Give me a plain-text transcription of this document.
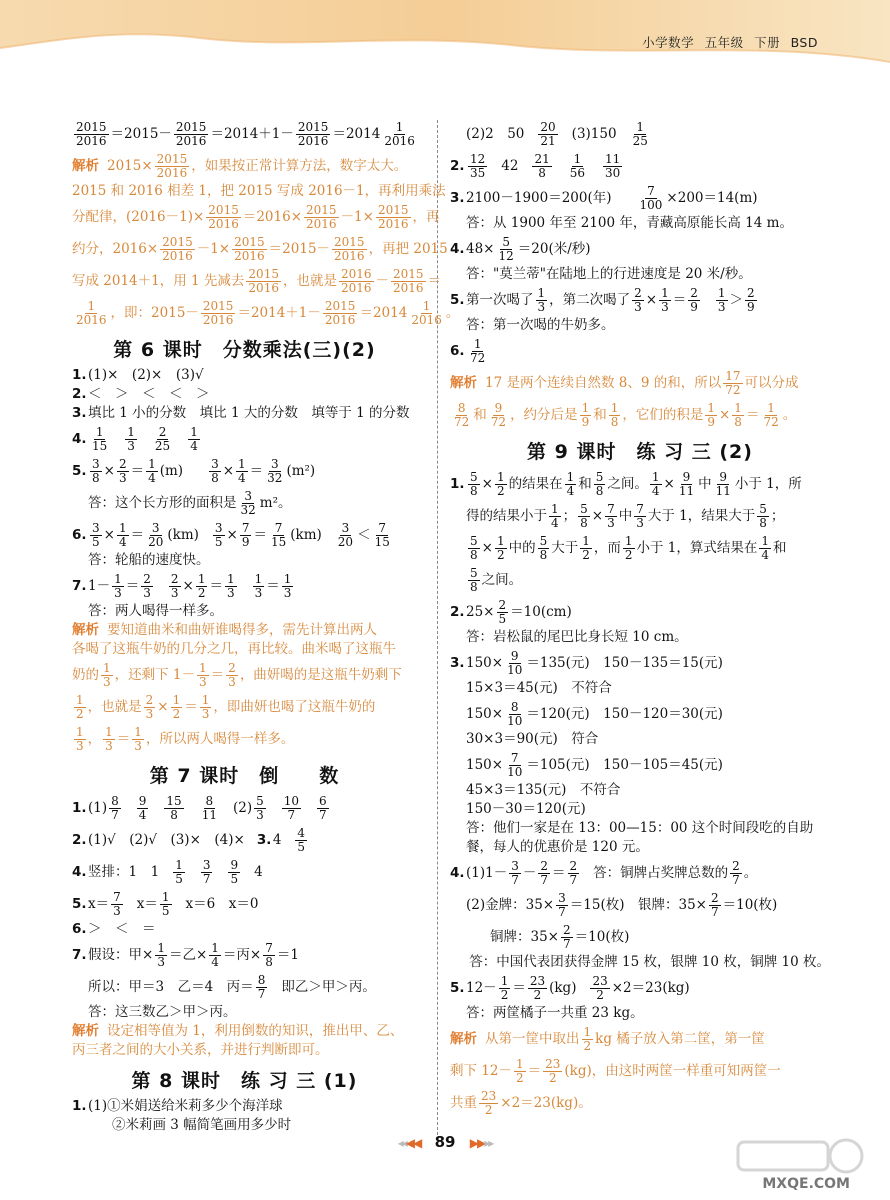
小学数学 五年级 下册 BSD
$\frac{2015}{2016} =2015- \frac{2015}{2016} =2014+1- \frac{2015}{2016} =2014 \frac{1}{2016}$
解析 $2015\times \frac{2015}{2016}$ ，如果按正常计算方法，数字太大。
2015 和 2016 相差 1，把 2015 写成 2016－1，再利用乘法
分配律，$(2016-1)\times \frac{2015}{2016} =2016\times \frac{2015}{2016} -1\times \frac{2015}{2016}$ ，再
约分，$2016\times \frac{2015}{2016} -1\times \frac{2015}{2016} =2015- \frac{2015}{2016}$ ，再把 2015
写成 2014＋1，用 1 先减去 $\frac{2015}{2016}$ ，也就是 $\frac{2016}{2016} - \frac{2015}{2016}$ ＝
$\frac{1}{2016}$ ，即：$2015- \frac{2015}{2016} =2014+1- \frac{2015}{2016} =2014 \frac{1}{2016}$ 。
第 6 课时　分数乘法(三)(2)
1. (1)×　(2)×　(3)√
2. ＜　＞　＜　＜　＞
3. 填比 1 小的分数　填比 1 大的分数　填等于 1 的分数
4. $\frac{1}{15} \frac{1}{3} \frac{2}{25} \frac{1}{4}$
5. $\frac{3}{8} \times \frac{2}{3} = \frac{1}{4} (m) \frac{3}{8} \times \frac{1}{4} = \frac{3}{32} (m^2)$
答：这个长方形的面积是 $\frac{3}{32} m^2$。
6. $\frac{3}{5} \times \frac{1}{4} = \frac{3}{20} (km) \frac{3}{5} \times \frac{7}{9} = \frac{7}{15} (km) \frac{3}{20} < \frac{7}{15}$
答：轮船的速度快。
7. $1- \frac{1}{3} = \frac{2}{3} \frac{2}{3} \times \frac{1}{2} = \frac{1}{3} \frac{1}{3} = \frac{1}{3}$
答：两人喝得一样多。
解析 要知道曲米和曲妍谁喝得多，需先计算出两人
各喝了这瓶牛奶的几分之几，再比较。曲米喝了这瓶牛
奶的 $\frac{1}{3}$ ，还剩下 $1- \frac{1}{3} = \frac{2}{3}$ ，曲妍喝的是这瓶牛奶剩下
$\frac{1}{2}$ ，也就是 $\frac{2}{3} \times \frac{1}{2} = \frac{1}{3}$ ，即曲妍也喝了这瓶牛奶的
$\frac{1}{3}$ ， $\frac{1}{3} = \frac{1}{3}$ ，所以两人喝得一样多。
第 7 课时　倒　　数
1. $(1) \frac{8}{7} \frac{9}{4} \frac{15}{8} \frac{8}{11} (2) \frac{5}{3} \frac{10}{7} \frac{6}{7}$
2. (1)√　(2)√　(3)×　(4)× 3. $4 \frac{4}{5}$
4. 竖排：1　$1 \frac{1}{5} \frac{3}{7} \frac{9}{5} 4$
5. $x= \frac{7}{3} x= \frac{1}{5} x=6$　x＝0
6. ＞　＜　＝
7. 假设：甲× $\frac{1}{3}$ ＝乙× $\frac{1}{4}$ ＝丙× $\frac{7}{8} =1$
所以：甲＝3　乙＝4　丙＝ $\frac{8}{7}$ 即乙＞甲＞丙。
答：这三数乙＞甲＞丙。
解析 设定相等值为 1，利用倒数的知识，推出甲、乙、
丙三者之间的大小关系，并进行判断即可。
第 8 课时　练 习 三 (1)
1. (1)①米娟送给米莉多少个海洋球
②米莉画 3 幅简笔画用多少时
(2)2　$50 \frac{20}{21} (3)150 \frac{1}{25}$
2. $\frac{12}{35} 42 \frac{21}{8} \frac{1}{56} \frac{11}{30}$
3. 2100－1900＝200(年) $\frac{7}{100} \times 200=14(m)$
答：从 1900 年至 2100 年，青藏高原能长高 14 m。
4. $48\times \frac{5}{12} =20$(米/秒)
答："莫兰蒂"在陆地上的行进速度是 20 米/秒。
5. 第一次喝了 $\frac{1}{3}$ ，第二次喝了 $\frac{2}{3} \times \frac{1}{3} = \frac{2}{9} \frac{1}{3} > \frac{2}{9}$
答：第一次喝的牛奶多。
6. $\frac{1}{72}$
解析 17 是两个连续自然数 8、9 的和，所以 $\frac{17}{72}$ 可以分成
$\frac{8}{72}$ 和 $\frac{9}{72}$ ，约分后是 $\frac{1}{9}$ 和 $\frac{1}{8}$ ，它们的积是 $\frac{1}{9} \times \frac{1}{8} = \frac{1}{72}$ 。
第 9 课时　练 习 三 (2)
1. $\frac{5}{8} \times \frac{1}{2}$ 的结果在 $\frac{1}{4}$ 和 $\frac{5}{8}$ 之间。 $\frac{1}{4} \times \frac{9}{11}$ 中 $\frac{9}{11}$ 小于 1，所
得的结果小于 $\frac{1}{4}$ ； $\frac{5}{8} \times \frac{7}{3}$ 中 $\frac{7}{3}$ 大于 1，结果大于 $\frac{5}{8}$ ；
$\frac{5}{8} \times \frac{1}{2}$ 中的 $\frac{5}{8}$ 大于 $\frac{1}{2}$ ，而 $\frac{1}{2}$ 小于 1，算式结果在 $\frac{1}{4}$ 和
$\frac{5}{8}$ 之间。
2. $25\times \frac{2}{5} =10(cm)$
答：岩松鼠的尾巴比身长短 10 cm。
3. $150\times \frac{9}{10} =135$(元)　150－135＝15(元)
15×3＝45(元)　不符合
$150\times \frac{8}{10} =120$(元)　150－120＝30(元)
30×3＝90(元)　符合
$150\times \frac{7}{10} =105$(元)　150－105＝45(元)
45×3＝135(元)　不符合
150－30＝120(元)
答：他们一家是在 13：00—15：00 这个时间段吃的自助
餐，每人的优惠价是 120 元。
4. $(1)1- \frac{3}{7} - \frac{2}{7} = \frac{2}{7}$ 答：铜牌占奖牌总数的 $\frac{2}{7}$ 。
(2)金牌：$35\times \frac{3}{7} =15$(枚)　银牌：$35\times \frac{2}{7} =10$(枚)
铜牌：$35\times \frac{2}{7} =10$(枚)
答：中国代表团获得金牌 15 枚，银牌 10 枚，铜牌 10 枚。
5. $12- \frac{1}{2} = \frac{23}{2} (kg) \frac{23}{2} \times 2=23(kg)$
答：两筐橘子一共重 23 kg。
解析 从第一筐中取出 $\frac{1}{2}$ kg 橘子放入第二筐，第一筐
剩下 $12- \frac{1}{2} = \frac{23}{2} (kg)$，由这时两筐一样重可知两筐一
共重 $\frac{23}{2} \times 2=23(kg)$。
◂◂◀◀ 89 ▶▶▸▸
MXQE.COM
